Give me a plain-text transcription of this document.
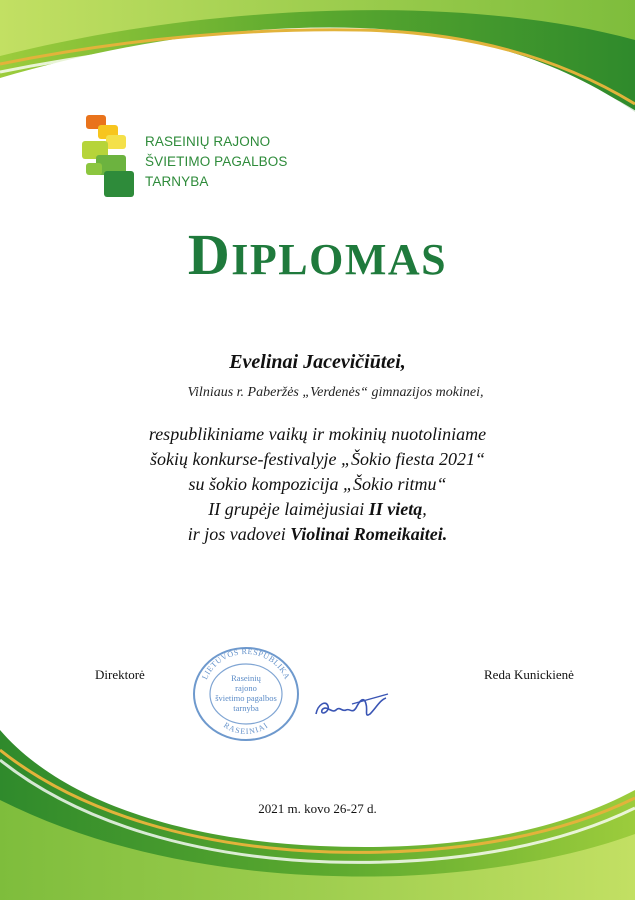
RASEINIŲ RAJONO
ŠVIETIMO PAGALBOS
TARNYBA
DIPLOMAS
Evelinai Jacevičiūtei,
Vilniaus r. Paberžės „Verdenės“ gimnazijos mokinei,
respublikiniame vaikų ir mokinių nuotoliniame
šokių konkurse-festivalyje „Šokio fiesta 2021“
su šokio kompozicija „Šokio ritmu“
II grupėje laimėjusiai II vietą,
ir jos vadovei Violinai Romeikaitei.
Direktorė	LIETUVOS RESPUBLIKA
RASEINIAI
Raseinių
rajono
švietimo pagalbos
tarnyba
Reda Kunickienė
2021 m. kovo 26-27 d.
